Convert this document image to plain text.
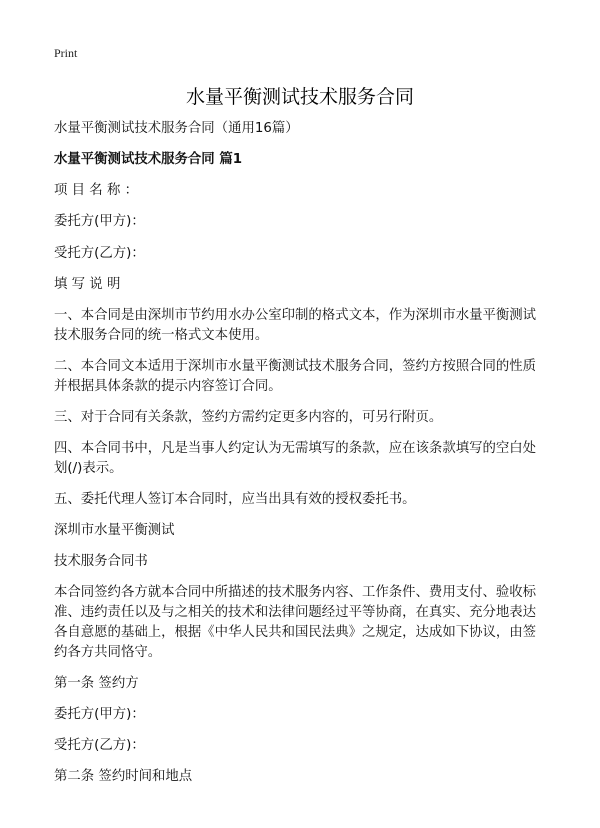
Print
水量平衡测试技术服务合同
水量平衡测试技术服务合同（通用16篇）
水量平衡测试技术服务合同 篇1
项 目 名 称 ：
委托方(甲方)：
受托方(乙方)：
填 写 说 明
一、本合同是由深圳市节约用水办公室印制的格式文本，作为深圳市水量平衡测试
技术服务合同的统一格式文本使用。
二、本合同文本适用于深圳市水量平衡测试技术服务合同，签约方按照合同的性质
并根据具体条款的提示内容签订合同。
三、对于合同有关条款，签约方需约定更多内容的，可另行附页。
四、本合同书中，凡是当事人约定认为无需填写的条款，应在该条款填写的空白处
划(/)表示。
五、委托代理人签订本合同时，应当出具有效的授权委托书。
深圳市水量平衡测试
技术服务合同书
本合同签约各方就本合同中所描述的技术服务内容、工作条件、费用支付、验收标
准、违约责任以及与之相关的技术和法律问题经过平等协商，在真实、充分地表达
各自意愿的基础上，根据《中华人民共和国民法典》之规定，达成如下协议，由签
约各方共同恪守。
第一条 签约方
委托方(甲方)：
受托方(乙方)：
第二条 签约时间和地点
